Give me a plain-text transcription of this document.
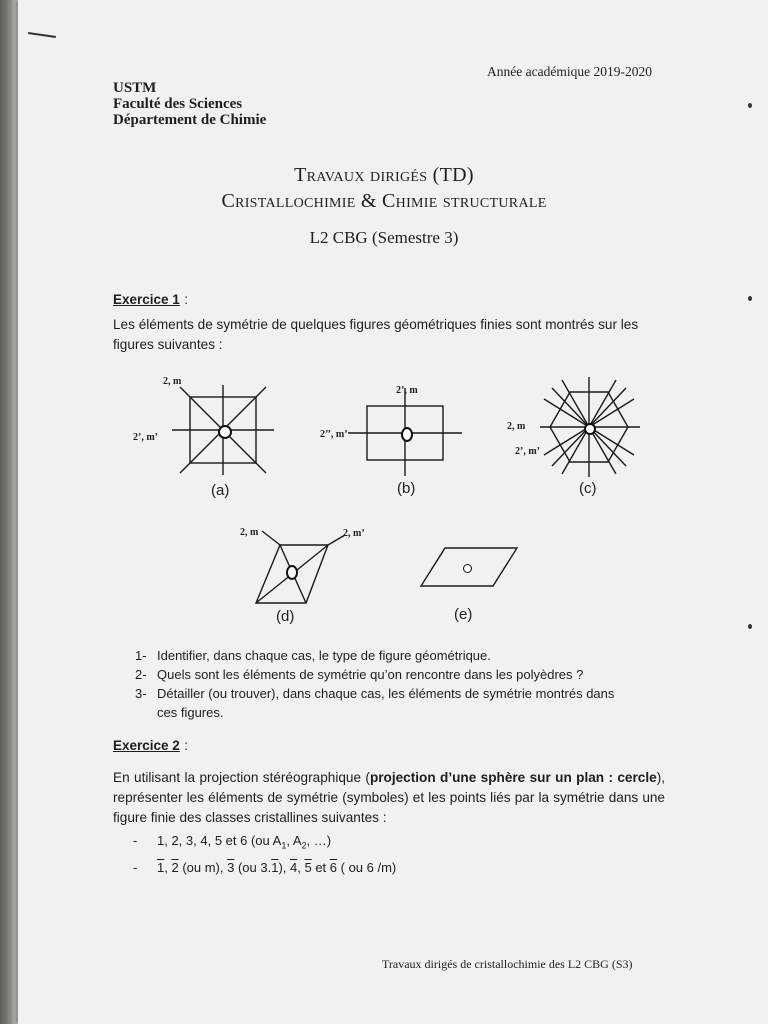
Année académique 2019-2020
USTM
Faculté des Sciences
Département de Chimie
Travaux dirigés (TD)
Cristallochimie & Chimie structurale
L2 CBG (Semestre 3)
Exercice 1 :
Les éléments de symétrie de quelques figures géométriques finies sont montrés sur les figures suivantes :
2, m
2’, m’
(a)
2’, m
2’’, m’
(b)
2, m
2’, m’
(c)
2, m	2, m’
(d)	(e)
1- Identifier, dans chaque cas, le type de figure géométrique.
2- Quels sont les éléments de symétrie qu’on rencontre dans les polyèdres ?
3- Détailler (ou trouver), dans chaque cas, les éléments de symétrie montrés dans
ces figures.
Exercice 2 :
En utilisant la projection stéréographique (projection d’une sphère sur un plan : cercle), représenter les éléments de symétrie (symboles) et les points liés par la symétrie dans une figure finie des classes cristallines suivantes :
- 1, 2, 3, 4, 5 et 6 (ou $A_1$, $A_2$, …)
- 1, 2 (ou m), 3 (ou 3.1), 4, 5 et 6 ( ou 6 /m)
Travaux dirigés de cristallochimie des L2 CBG (S3)
